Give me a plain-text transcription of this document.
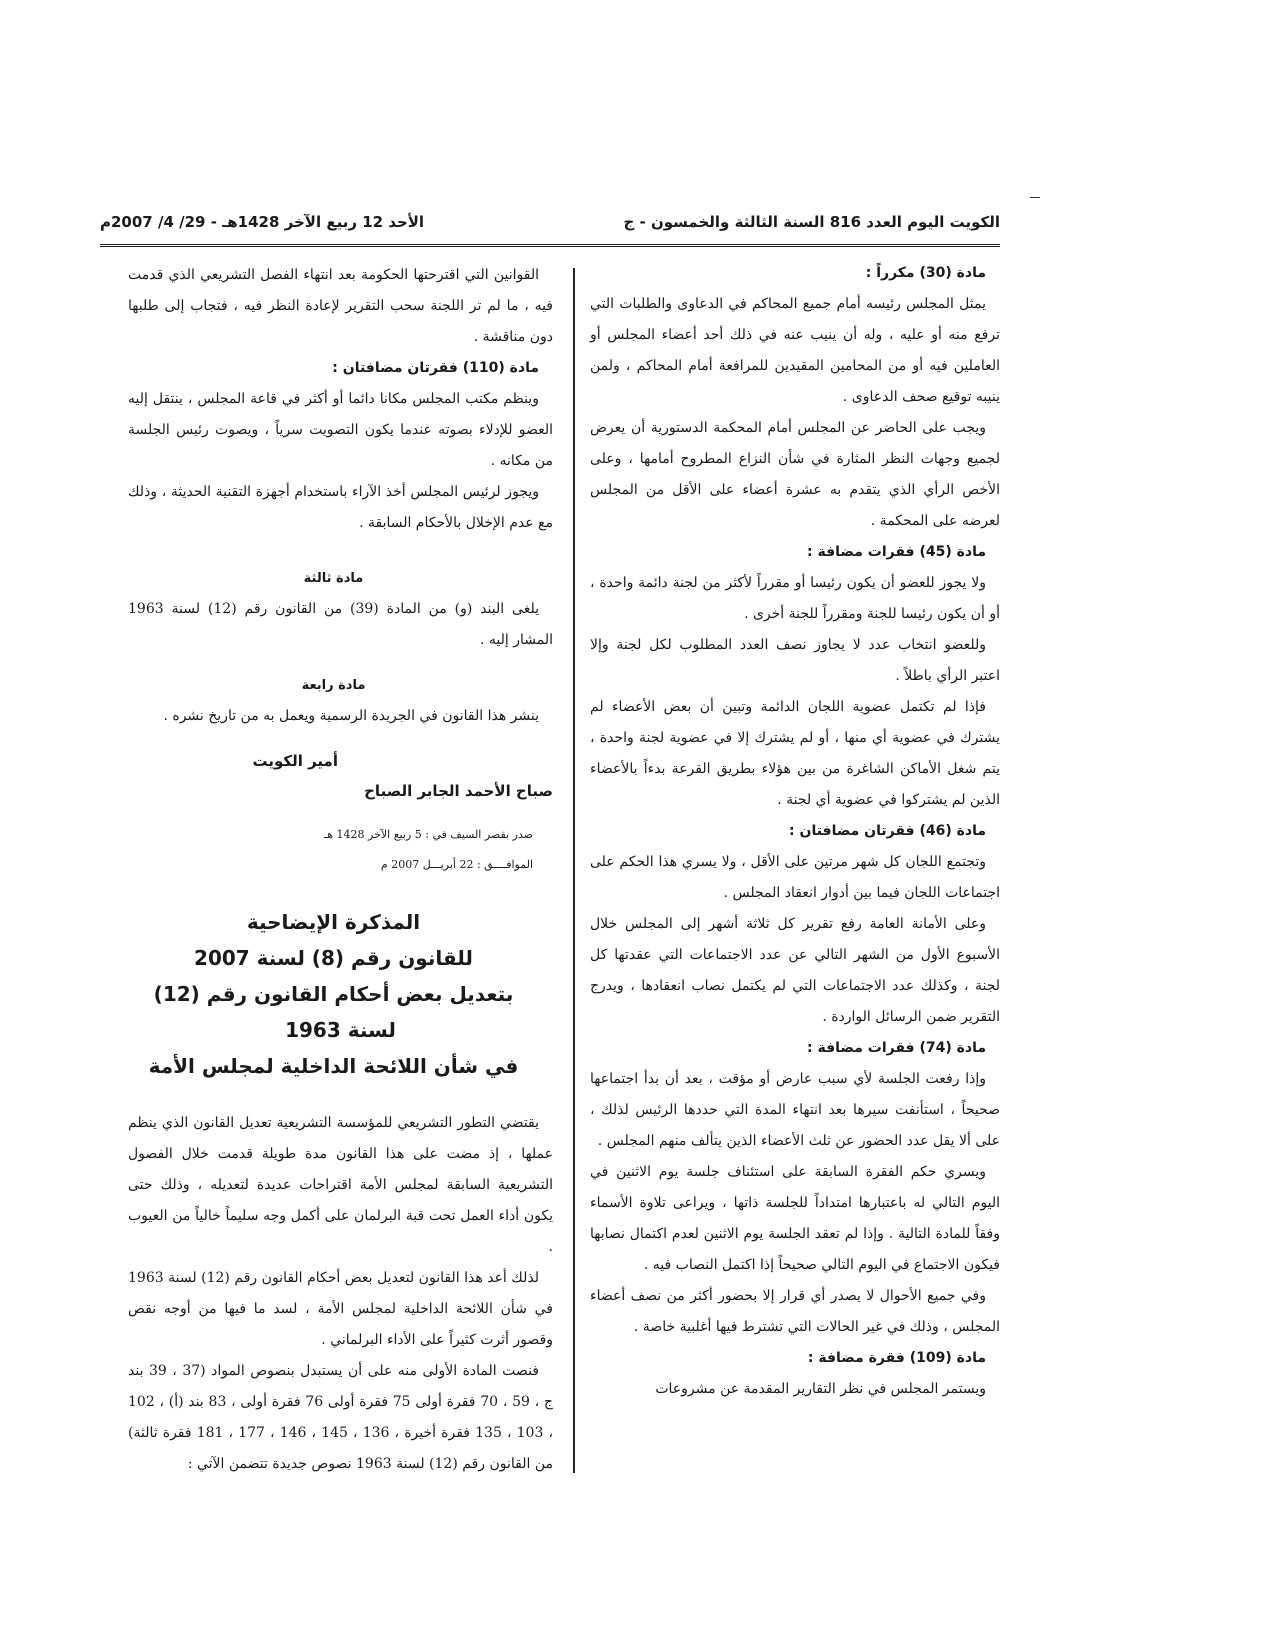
الكويت اليوم العدد 816 السنة الثالثة والخمسون - ج
الأحد 12 ربيع الآخر 1428هـ - 29/ 4/ 2007م

مادة (30) مكرراً :

يمثل المجلس رئيسه أمام جميع المحاكم في الدعاوى والطلبات التي ترفع منه أو عليه ، وله أن ينيب عنه في ذلك أحد أعضاء المجلس أو العاملين فيه أو من المحامين المقيدين للمرافعة أمام المحاكم ، ولمن ينيبه توقيع صحف الدعاوى .

ويجب على الحاضر عن المجلس أمام المحكمة الدستورية أن يعرض لجميع وجهات النظر المثارة في شأن النزاع المطروح أمامها ، وعلى الأخص الرأي الذي يتقدم به عشرة أعضاء على الأقل من المجلس لعرضه على المحكمة .

مادة (45) فقرات مضافة :

ولا يجوز للعضو أن يكون رئيسا أو مقرراً لأكثر من لجنة دائمة واحدة ، أو أن يكون رئيسا للجنة ومقرراً للجنة أخرى .

وللعضو انتخاب عدد لا يجاوز نصف العدد المطلوب لكل لجنة وإلا اعتبر الرأي باطلاً .

فإذا لم تكتمل عضوية اللجان الدائمة وتبين أن بعض الأعضاء لم يشترك في عضوية أي منها ، أو لم يشترك إلا في عضوية لجنة واحدة ، يتم شغل الأماكن الشاغرة من بين هؤلاء بطريق القرعة بدءاً بالأعضاء الذين لم يشتركوا في عضوية أي لجنة .

مادة (46) فقرتان مضافتان :

وتجتمع اللجان كل شهر مرتين على الأقل ، ولا يسري هذا الحكم على اجتماعات اللجان فيما بين أدوار انعقاد المجلس .

وعلى الأمانة العامة رفع تقرير كل ثلاثة أشهر إلى المجلس خلال الأسبوع الأول من الشهر التالي عن عدد الاجتماعات التي عقدتها كل لجنة ، وكذلك عدد الاجتماعات التي لم يكتمل نصاب انعقادها ، ويدرج التقرير ضمن الرسائل الواردة .

مادة (74) فقرات مضافة :

وإذا رفعت الجلسة لأي سبب عارض أو مؤقت ، بعد أن بدأ اجتماعها صحيحاً ، استأنفت سيرها بعد انتهاء المدة التي حددها الرئيس لذلك ، على ألا يقل عدد الحضور عن ثلث الأعضاء الذين يتألف منهم المجلس .

ويسري حكم الفقرة السابقة على استئناف جلسة يوم الاثنين في اليوم التالي له باعتبارها امتداداً للجلسة ذاتها ، ويراعى تلاوة الأسماء وفقاً للمادة التالية . وإذا لم تعقد الجلسة يوم الاثنين لعدم اكتمال نصابها فيكون الاجتماع في اليوم التالي صحيحاً إذا اكتمل النصاب فيه .

وفي جميع الأحوال لا يصدر أي قرار إلا بحضور أكثر من نصف أعضاء المجلس ، وذلك في غير الحالات التي تشترط فيها أغلبية خاصة .

مادة (109) فقرة مضافة :

ويستمر المجلس في نظر التقارير المقدمة عن مشروعات

القوانين التي اقترحتها الحكومة بعد انتهاء الفصل التشريعي الذي قدمت فيه ، ما لم تر اللجنة سحب التقرير لإعادة النظر فيه ، فتجاب إلى طلبها دون مناقشة .

مادة (110) فقرتان مضافتان :

وينظم مكتب المجلس مكانا دائما أو أكثر في قاعة المجلس ، ينتقل إليه العضو للإدلاء بصوته عندما يكون التصويت سرياً ، ويصوت رئيس الجلسة من مكانه .

ويجوز لرئيس المجلس أخذ الآراء باستخدام أجهزة التقنية الحديثة ، وذلك مع عدم الإخلال بالأحكام السابقة .

مادة ثالثة

يلغى البند (و) من المادة (39) من القانون رقم (12) لسنة 1963 المشار إليه .

مادة رابعة

ينشر هذا القانون في الجريدة الرسمية ويعمل به من تاريخ نشره .

أمير الكويت
صباح الأحمد الجابر الصباح
صدر بقصر السيف في : 5 ربيع الآخر 1428 هـ
الموافــــق : 22 أبريـــل 2007 م

المذكرة الإيضاحية

للقانون رقم (8) لسنة 2007

بتعديل بعض أحكام القانون رقم (12) لسنة 1963

في شأن اللائحة الداخلية لمجلس الأمة

يقتضي التطور التشريعي للمؤسسة التشريعية تعديل القانون الذي ينظم عملها ، إذ مضت على هذا القانون مدة طويلة قدمت خلال الفصول التشريعية السابقة لمجلس الأمة اقتراحات عديدة لتعديله ، وذلك حتى يكون أداء العمل تحت قبة البرلمان على أكمل وجه سليماً خالياً من العيوب .

لذلك أعد هذا القانون لتعديل بعض أحكام القانون رقم (12) لسنة 1963 في شأن اللائحة الداخلية لمجلس الأمة ، لسد ما فيها من أوجه نقص وقصور أثرت كثيراً على الأداء البرلماني .

فنصت المادة الأولى منه على أن يستبدل بنصوص المواد (37 ، 39 بند ج ، 59 ، 70 فقرة أولى 75 فقرة أولى 76 فقرة أولى ، 83 بند (أ) ، 102 ، 103 ، 135 فقرة أخيرة ، 136 ، 145 ، 146 ، 177 ، 181 فقرة ثالثة) من القانون رقم (12) لسنة 1963 نصوص جديدة تتضمن الآتي :
